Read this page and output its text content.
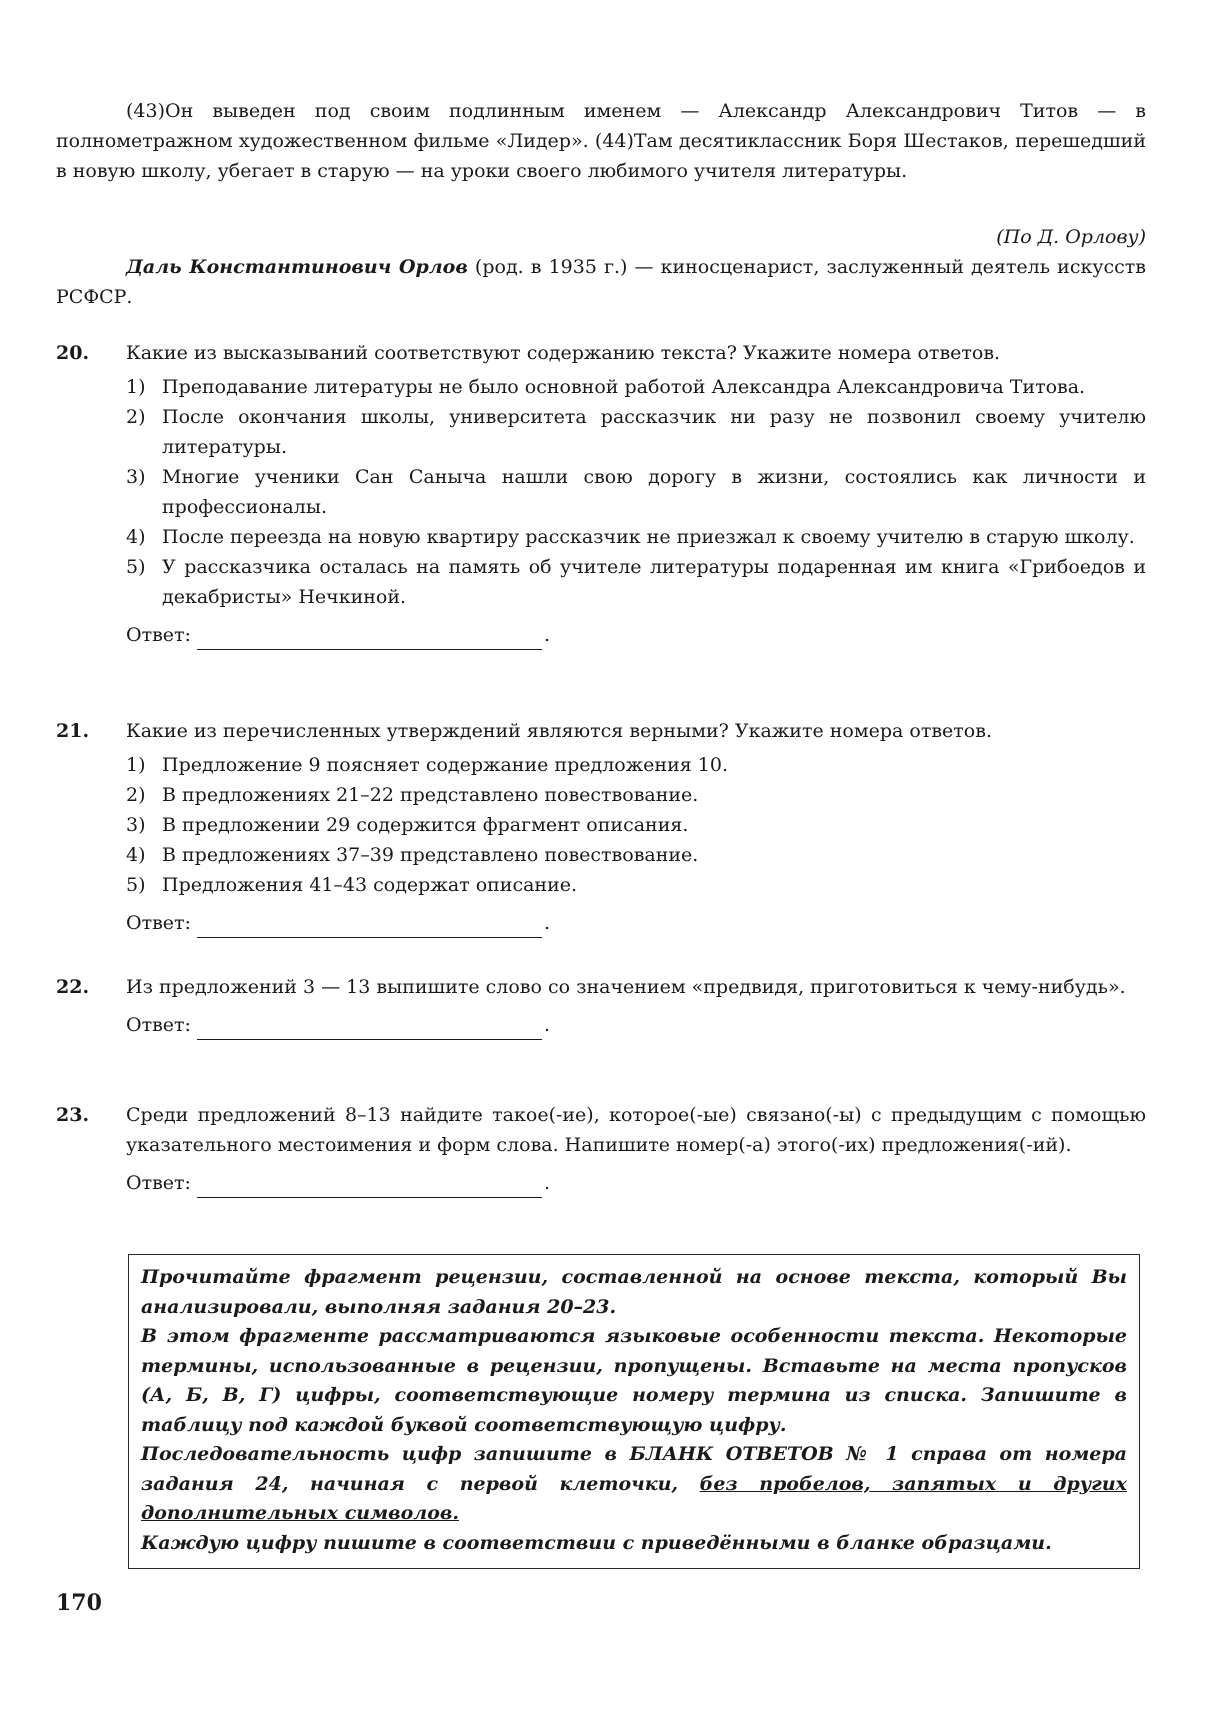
(43)Он выведен под своим подлинным именем — Александр Александрович Титов — в полнометражном художественном фильме «Лидер». (44)Там десятиклассник Боря Шестаков, перешедший в новую школу, убегает в старую — на уроки своего любимого учителя литературы.

(По Д. Орлову)

Даль Константинович Орлов (род. в 1935 г.) — киносценарист, заслуженный деятель искусств РСФСР.

20.	Какие из высказываний соответствуют содержанию текста? Укажите номера ответов.
1) Преподавание литературы не было основной работой Александра Александровича Титова.
2) После окончания школы, университета рассказчик ни разу не позвонил своему учителю литературы.
3) Многие ученики Сан Саныча нашли свою дорогу в жизни, состоялись как личности и профессионалы.
4) После переезда на новую квартиру рассказчик не приезжал к своему учителю в старую школу.
5) У рассказчика осталась на память об учителе литературы подаренная им книга «Грибоедов и декабристы» Нечкиной.
Ответ:	.
21.	Какие из перечисленных утверждений являются верными? Укажите номера ответов.
1) Предложение 9 поясняет содержание предложения 10.
2) В предложениях 21–22 представлено повествование.
3) В предложении 29 содержится фрагмент описания.
4) В предложениях 37–39 представлено повествование.
5) Предложения 41–43 содержат описание.
Ответ:	.
22.	Из предложений 3 — 13 выпишите слово со значением «предвидя, приготовиться к чему-нибудь».
Ответ:	.
23.	Среди предложений 8–13 найдите такое(-ие), которое(-ые) связано(-ы) с предыдущим с помощью указательного местоимения и форм слова. Напишите номер(-а) этого(-их) предложения(-ий).
Ответ:	.

Прочитайте фрагмент рецензии, составленной на основе текста, который Вы анализировали, выполняя задания 20–23.

В этом фрагменте рассматриваются языковые особенности текста. Некоторые термины, использованные в рецензии, пропущены. Вставьте на места пропусков (А, Б, В, Г) цифры, соответствующие номеру термина из списка. Запишите в таблицу под каждой буквой соответствующую цифру.

Последовательность цифр запишите в БЛАНК ОТВЕТОВ № 1 справа от номера задания 24, начиная с первой клеточки, без пробелов, запятых и других дополнительных символов.

Каждую цифру пишите в соответствии с приведёнными в бланке образцами.

170
